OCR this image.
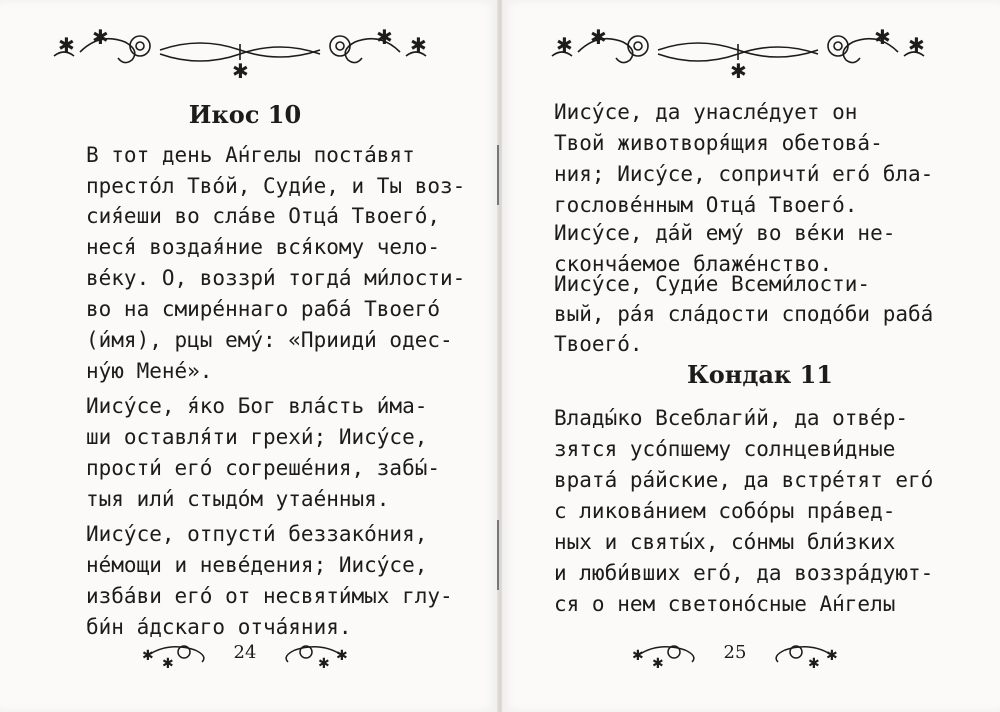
✱ ✱	✱ ✱
✱
Икос 10
В тот день А́нгелы поста́вят
престо́л Тво́й, Суди́е, и Ты воз-
сия́еши во сла́ве Отца́ Твоего́,
неся́ воздая́ние вся́кому чело-
ве́ку. О, воззри́ тогда́ ми́лости-
во на смире́ннаго раба́ Твоего́
(и́мя), рцы ему́: «Прииди́ одес-
ну́ю Мене́».
Иису́се, я́ко Бог вла́сть и́ма-
ши оставля́ти грехи́; Иису́се,
прости́ его́ согреше́ния, забы́-
тыя или́ стыдо́м утае́нныя.
Иису́се, отпусти́ беззако́ния,
не́мощи и неве́дения; Иису́се,
изба́ви его́ от несвяти́мых глу-
би́н а́дскаго отча́яния.
✱ ✱	✱ ✱
24
✱ ✱	✱ ✱
✱
Иису́се, да унасле́дует он
Твой животворя́щия обетова́-
ния; Иису́се, сопричти́ его́ бла-
гослове́нным Отца́ Твоего́.
Иису́се, да́й ему́ во ве́ки не-
сконча́емое блаже́нство.
Иису́се, Суди́е Всеми́лости-
вый, ра́я сла́дости сподо́би раба́
Твоего́.
Кондак 11
Влады́ко Всеблаги́й, да отве́р-
зятся усо́пшему солнцеви́дные
врата́ ра́йские, да встре́тят его́
с ликова́нием собо́ры пра́вед-
ных и святы́х, со́нмы бли́зких
и люби́вших его́, да воззра́дуют-
ся о нем светоно́сные А́нгелы
✱ ✱	✱ ✱
25
